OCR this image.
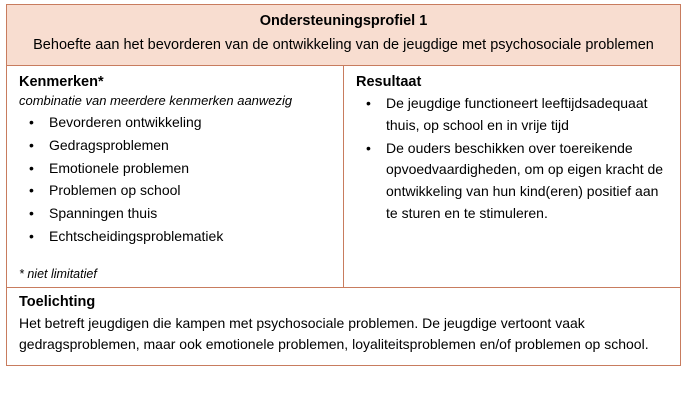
Ondersteuningsprofiel 1
Behoefte aan het bevorderen van de ontwikkeling van de jeugdige met psychosociale problemen

Kenmerken*
combinatie van meerdere kenmerken aanwezig
• Bevorderen ontwikkeling
• Gedragsproblemen
• Emotionele problemen
• Problemen op school
• Spanningen thuis
• Echtscheidingsproblematiek
* niet limitatief

Resultaat
• De jeugdige functioneert leeftijdsadequaat thuis, op school en in vrije tijd
• De ouders beschikken over toereikende opvoedvaardigheden, om op eigen kracht de ontwikkeling van hun kind(eren) positief aan te sturen en te stimuleren.

Toelichting
Het betreft jeugdigen die kampen met psychosociale problemen. De jeugdige vertoont vaak gedragsproblemen, maar ook emotionele problemen, loyaliteitsproblemen en/of problemen op school.
